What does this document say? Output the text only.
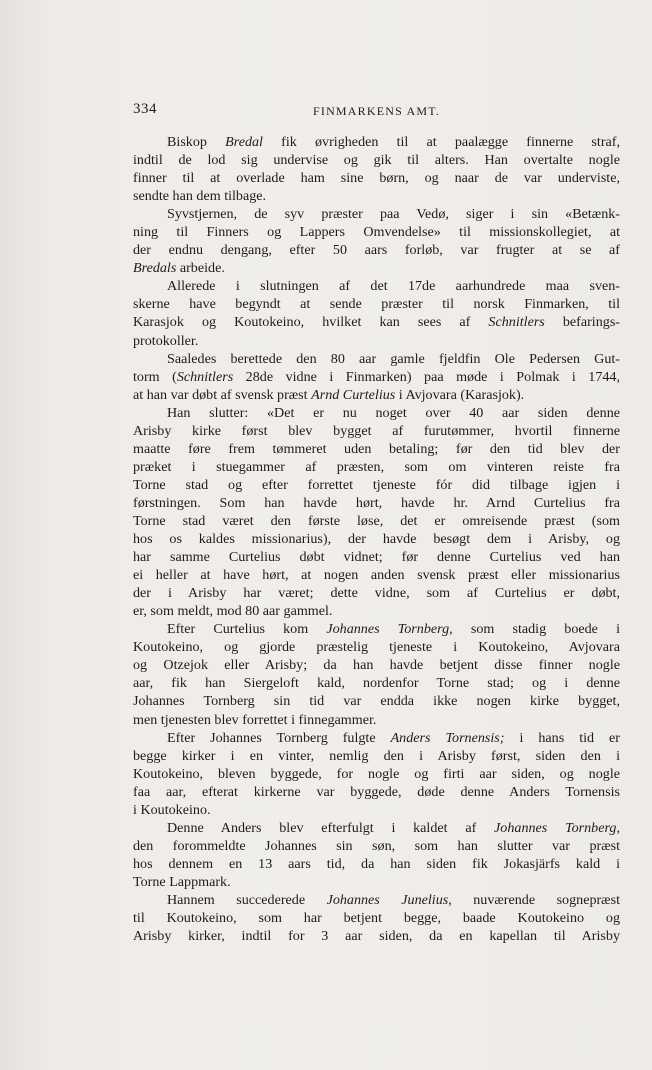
334	FINMARKENS AMT.

Biskop Bredal fik øvrigheden til at paalægge finnerne straf,
indtil de lod sig undervise og gik til alters. Han overtalte nogle
finner til at overlade ham sine børn, og naar de var underviste,
sendte han dem tilbage.

Syvstjernen, de syv præster paa Vedø, siger i sin «Betænk-
ning til Finners og Lappers Omvendelse» til missionskollegiet, at
der endnu dengang, efter 50 aars forløb, var frugter at se af
Bredals arbeide.

Allerede i slutningen af det 17de aarhundrede maa sven-
skerne have begyndt at sende præster til norsk Finmarken, til
Karasjok og Koutokeino, hvilket kan sees af Schnitlers befarings-
protokoller.

Saaledes berettede den 80 aar gamle fjeldfin Ole Pedersen Gut-
torm (Schnitlers 28de vidne i Finmarken) paa møde i Polmak i 1744,
at han var døbt af svensk præst Arnd Curtelius i Avjovara (Karasjok).

Han slutter: «Det er nu noget over 40 aar siden denne
Arisby kirke først blev bygget af furutømmer, hvortil finnerne
maatte føre frem tømmeret uden betaling; før den tid blev der
præket i stuegammer af præsten, som om vinteren reiste fra
Torne stad og efter forrettet tjeneste fór did tilbage igjen i
førstningen. Som han havde hørt, havde hr. Arnd Curtelius fra
Torne stad været den første løse, det er omreisende præst (som
hos os kaldes missionarius), der havde besøgt dem i Arisby, og
har samme Curtelius døbt vidnet; før denne Curtelius ved han
ei heller at have hørt, at nogen anden svensk præst eller missionarius
der i Arisby har været; dette vidne, som af Curtelius er døbt,
er, som meldt, mod 80 aar gammel.

Efter Curtelius kom Johannes Tornberg, som stadig boede i
Koutokeino, og gjorde præstelig tjeneste i Koutokeino, Avjovara
og Otzejok eller Arisby; da han havde betjent disse finner nogle
aar, fik han Siergeloft kald, nordenfor Torne stad; og i denne
Johannes Tornberg sin tid var endda ikke nogen kirke bygget,
men tjenesten blev forrettet i finnegammer.

Efter Johannes Tornberg fulgte Anders Tornensis; i hans tid er
begge kirker i en vinter, nemlig den i Arisby først, siden den i
Koutokeino, bleven byggede, for nogle og firti aar siden, og nogle
faa aar, efterat kirkerne var byggede, døde denne Anders Tornensis
i Koutokeino.

Denne Anders blev efterfulgt i kaldet af Johannes Tornberg,
den forommeldte Johannes sin søn, som han slutter var præst
hos dennem en 13 aars tid, da han siden fik Jokasjärfs kald i
Torne Lappmark.

Hannem succederede Johannes Junelius, nuværende sognepræst
til Koutokeino, som har betjent begge, baade Koutokeino og
Arisby kirker, indtil for 3 aar siden, da en kapellan til Arisby
